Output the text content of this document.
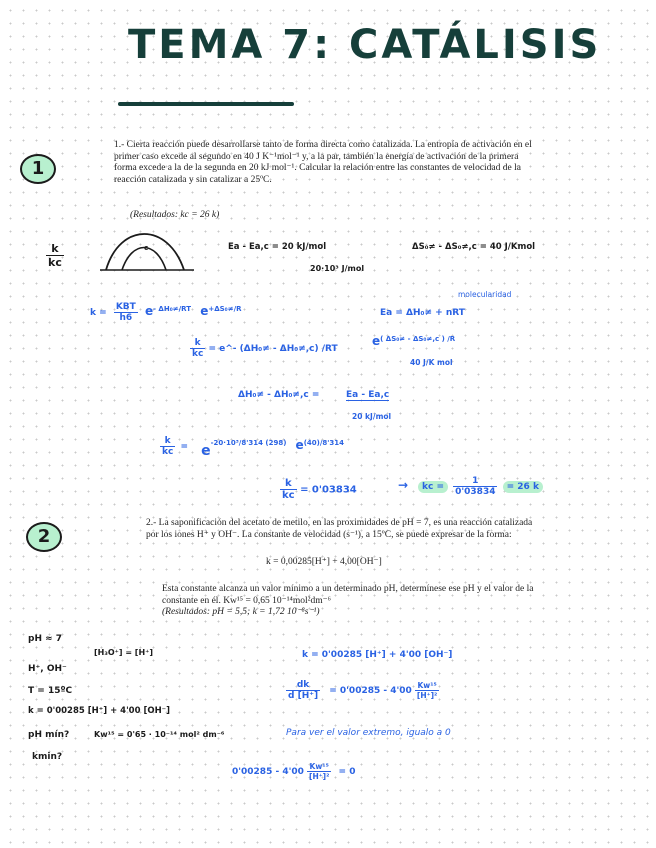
TEMA 7: CATÁLISIS
1
1.- Cierta reacción puede desarrollarse tanto de forma directa como catalizada. La entropía de activación en el primer caso excede al segundo en 40 J K⁻¹mol⁻¹ y, a la par, también la energía de activación de la primera forma excede a la de la segunda en 20 kJ mol⁻¹. Calcular la relación entre las constantes de velocidad de la reacción catalizada y sin catalizar a 25ºC.
(Resultados: kc = 26 k)
$\frac{k}{kc}$	c	Ea - Ea,c = 20 kJ/mol
20·10³ J/mol
ΔS₀≠ - ΔS₀≠,c = 40 J/Kmol
$k = \frac{\text{KBT}}{h6} e^{- \Delta H_0\ne/RT}$ $e^{+\Delta S_0\ne/R}$
molecularidad
Ea = ΔH₀≠ + nRT
$\frac{k}{kc}$ = e^- (ΔH₀≠ - ΔH₀≠,c) /RT
$e^{( \Delta S_0\ne - \Delta S_0\ne,c ) /R}$
40 J/K mol
ΔH₀≠ - ΔH₀≠,c =	Ea - Ea,c
20 kJ/mol
$\frac{k}{kc} = e^{-20\cdot 10^3/8'314 (298)}$ $e^{(40)/8'314}$
$\frac{k}{kc} = 0'03834$	→	kc = $\frac{1}{0'03834} = 26$ k
2
2.- La saponificación del acetato de metilo, en las proximidades de pH = 7, es una reacción catalizada por los iones H⁺ y OH⁻. La constante de velocidad (s⁻¹), a 15ºC, se puede expresar de la forma:
k = 0,00285[H⁺] + 4,00[OH⁻]
Esta constante alcanza un valor mínimo a un determinado pH, determínese ese pH y el valor de la constante en él. Kw¹⁵ = 0,65 10⁻¹⁴mol²dm⁻⁶
(Resultados: pH = 5,5; k = 1,72 10⁻⁸s⁻¹)
pH ≈ 7
[H₃O⁺] = [H⁺]
H⁺, OH⁻
T = 15ºC
k = 0'00285 [H⁺] + 4'00 [OH⁻]
pH mín?	Kw¹⁵ = 0'65 · 10⁻¹⁴ mol² dm⁻⁶
kmin?
k = 0'00285 [H⁺] + 4'00 [OH⁻]
$\frac{dk}{d [H^+]} = 0'00285 - 4'00 \frac{\text{Kw¹⁵}}{\text{[H⁺]²}}$
Para ver el valor extremo, igualo a 0
$0'00285 - 4'00 \frac{\text{Kw¹⁵}}{\text{[H⁺]²}} = 0$
